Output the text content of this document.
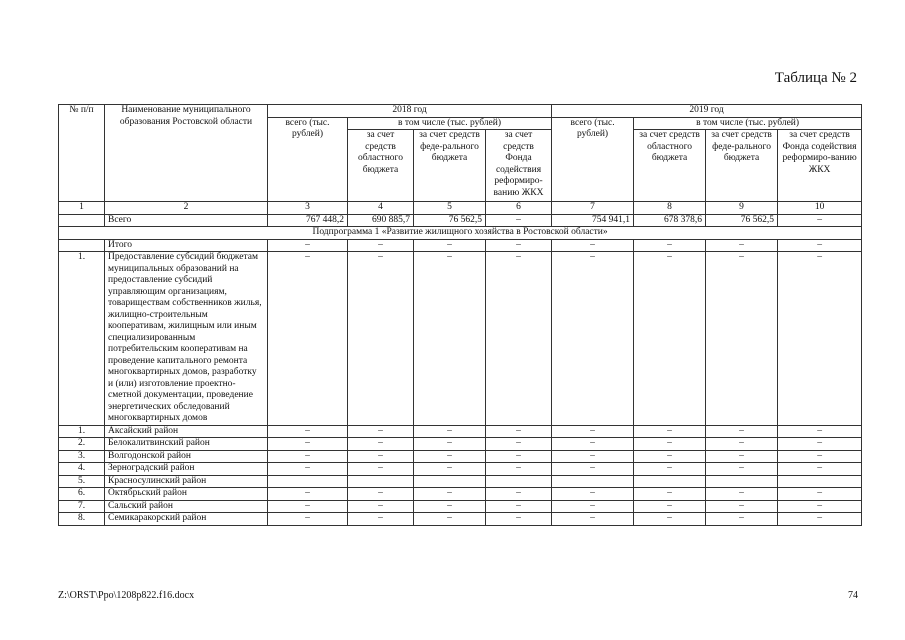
Таблица № 2
№ п/п	Наименование муниципального образования Ростовской области	2018 год				2019 год			
		всего (тыс. рублей)	в том числе (тыс. рублей)			всего (тыс. рублей)	в том числе (тыс. рублей)		
			за счет средств областного бюджета	за счет средств феде-рального бюджета	за счет средств Фонда содействия реформиро-ванию ЖКХ		за счет средств областного бюджета	за счет средств феде-рального бюджета	за счет средств Фонда содействия реформиро-ванию ЖКХ
1	2	3	4	5	6	7	8	9	10
	Всего	767 448,2	690 885,7	76 562,5	–	754 941,1	678 378,6	76 562,5	–
Подпрограмма 1 «Развитие жилищного хозяйства в Ростовской области»									
	Итого	–	–	–	–	–	–	–	–
1.	Предоставление субсидий бюджетам муниципальных образований на предоставление субсидий управляющим организациям, товариществам собственников жилья, жилищно-строительным кооперативам, жилищным или иным специализированным потребительским кооперативам на проведение капитального ремонта многоквартирных домов, разработку и (или) изготовление проектно-сметной документации, проведение энергетических обследований многоквартирных домов	–	–	–	–	–	–	–	–
1.	Аксайский район	–	–	–	–	–	–	–	–
2.	Белокалитвинский район	–	–	–	–	–	–	–	–
3.	Волгодонской район	–	–	–	–	–	–	–	–
4.	Зерноградский район	–	–	–	–	–	–	–	–
5.	Красносулинский район								
6.	Октябрьский район	–	–	–	–	–	–	–	–
7.	Сальский район	–	–	–	–	–	–	–	–
8.	Семикаракорский район	–	–	–	–	–	–	–	–
Z:\ORST\Ppo\1208p822.f16.docx	74
